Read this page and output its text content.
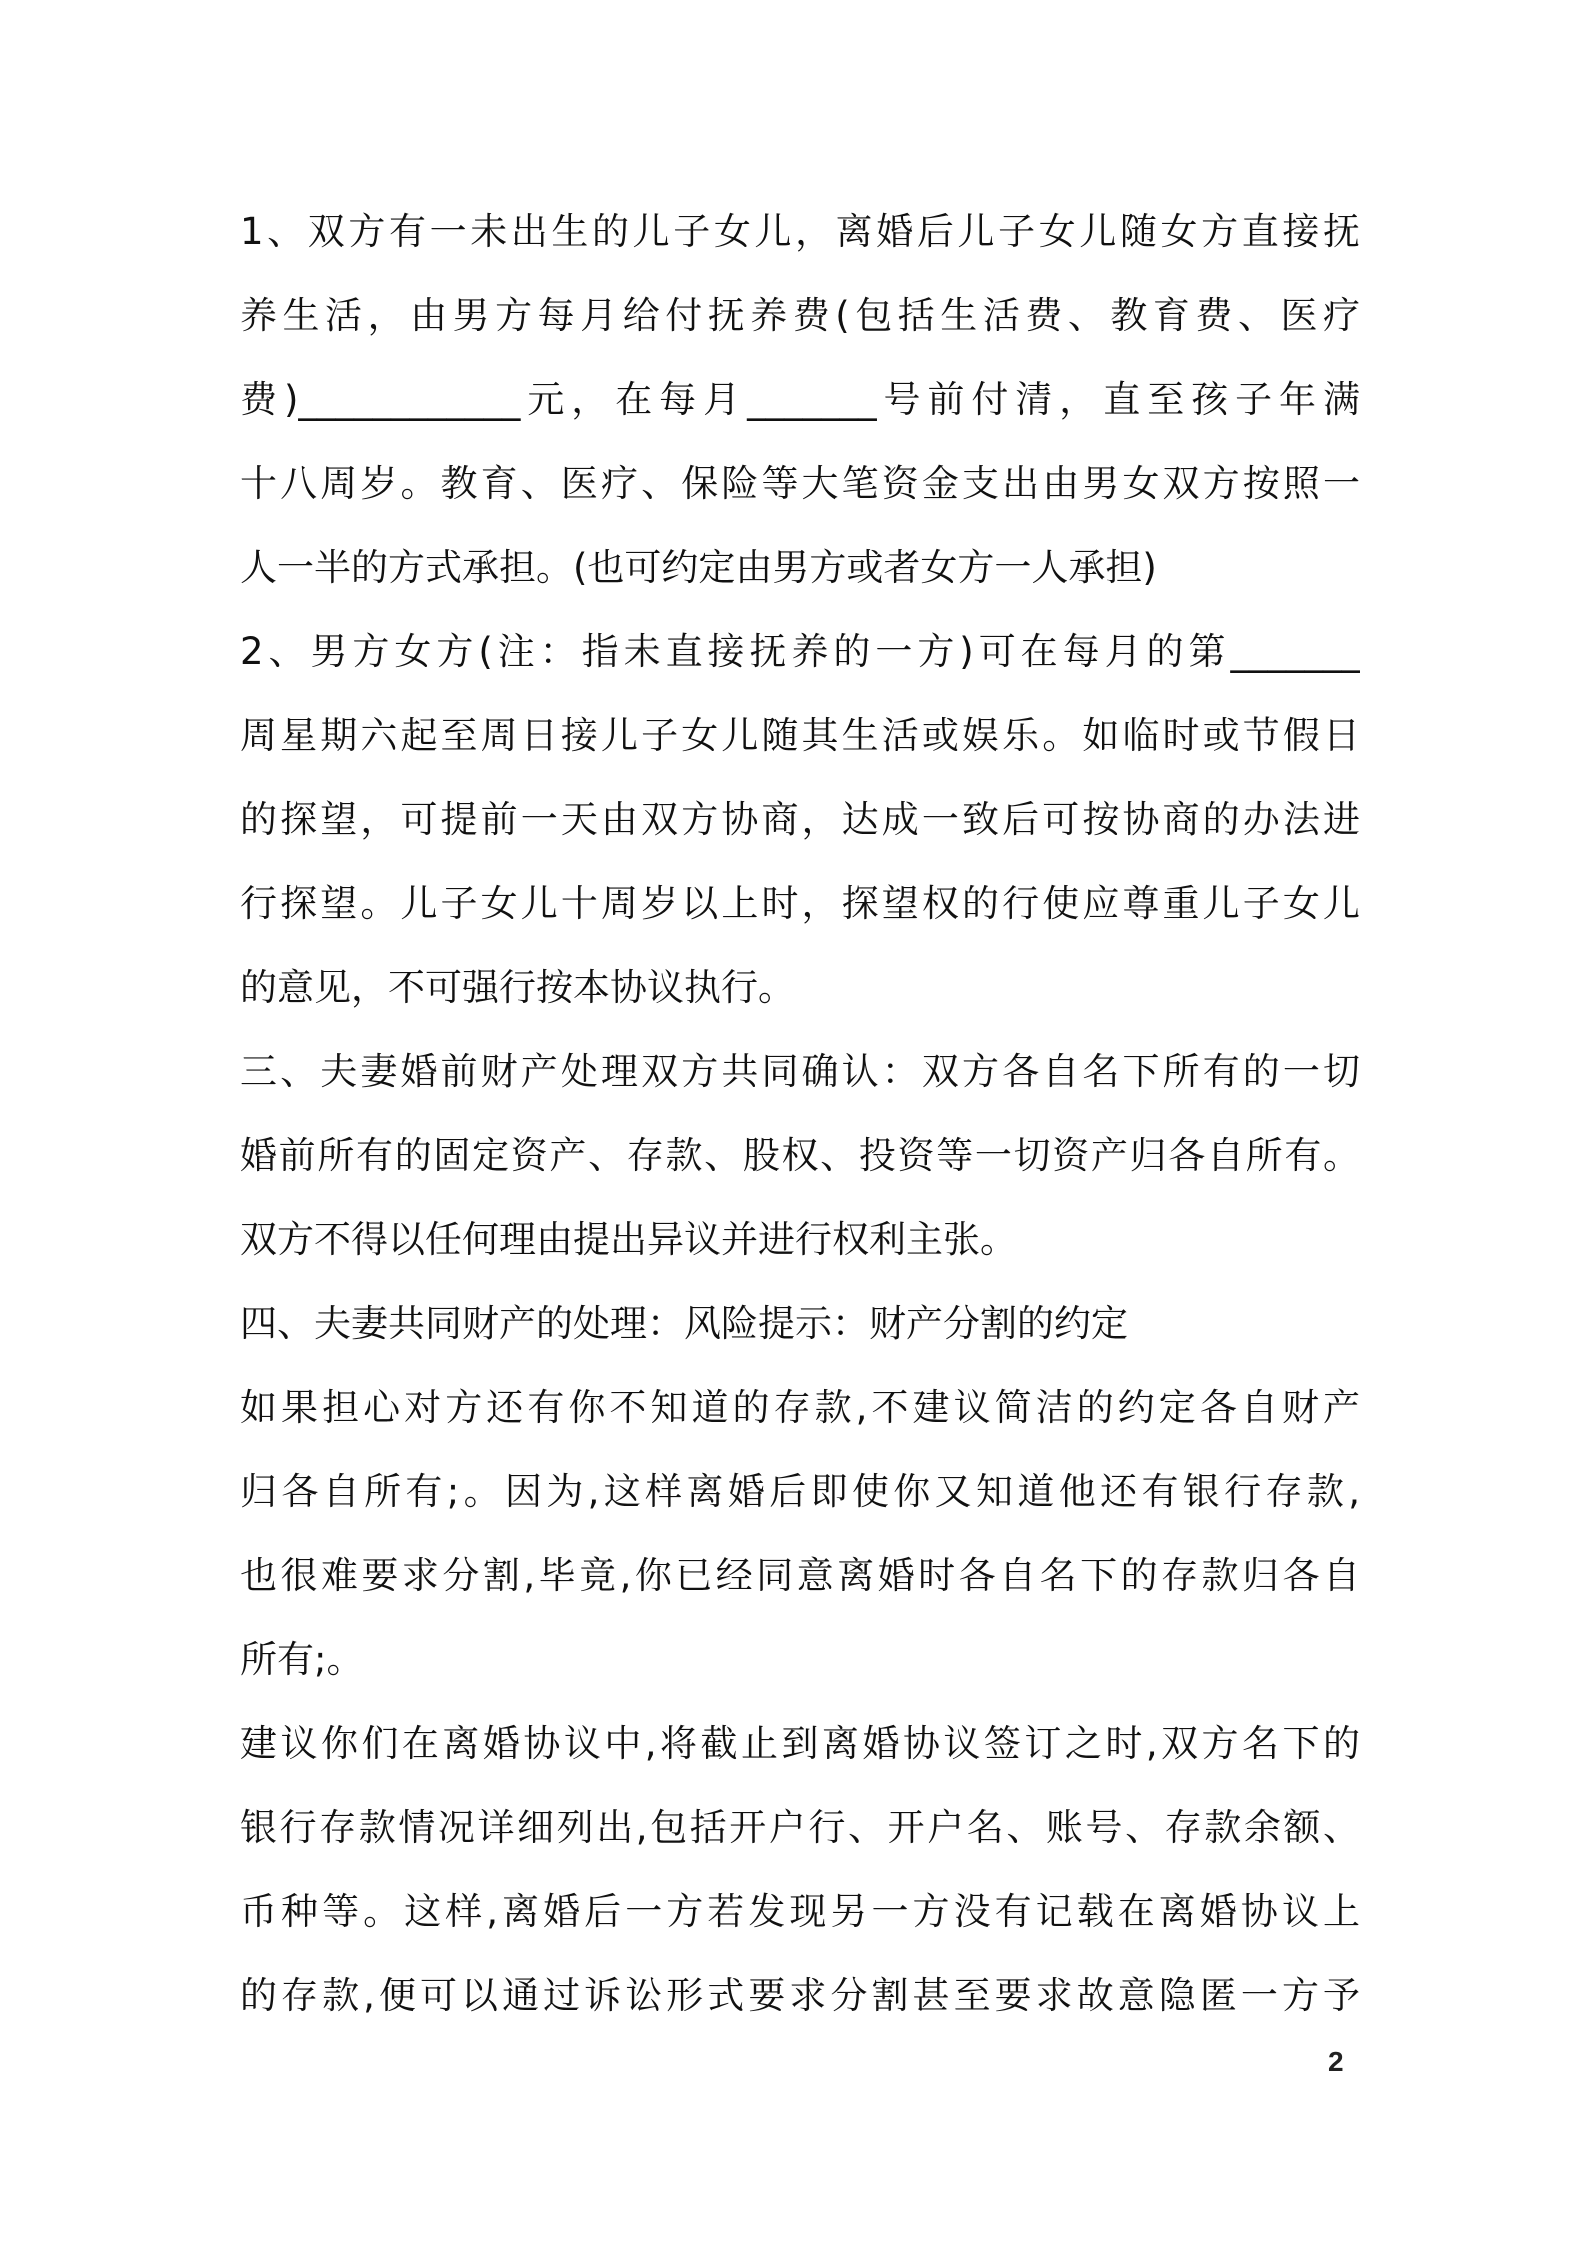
1、双方有一未出生的儿子女儿，离婚后儿子女儿随女方直接抚
养生活，由男方每月给付抚养费(包括生活费、教育费、医疗
费)____________元，在每月_______号前付清，直至孩子年满
十八周岁。教育、医疗、保险等大笔资金支出由男女双方按照一
人一半的方式承担。(也可约定由男方或者女方一人承担)
2、男方女方(注：指未直接抚养的一方)可在每月的第_______
周星期六起至周日接儿子女儿随其生活或娱乐。如临时或节假日
的探望，可提前一天由双方协商，达成一致后可按协商的办法进
行探望。儿子女儿十周岁以上时，探望权的行使应尊重儿子女儿
的意见，不可强行按本协议执行。
三、夫妻婚前财产处理双方共同确认：双方各自名下所有的一切
婚前所有的固定资产、存款、股权、投资等一切资产归各自所有。
双方不得以任何理由提出异议并进行权利主张。
四、夫妻共同财产的处理：风险提示：财产分割的约定
如果担心对方还有你不知道的存款,不建议简洁的约定各自财产
归各自所有;。因为,这样离婚后即使你又知道他还有银行存款,
也很难要求分割,毕竟,你已经同意离婚时各自名下的存款归各自
所有;。
建议你们在离婚协议中,将截止到离婚协议签订之时,双方名下的
银行存款情况详细列出,包括开户行、开户名、账号、存款余额、
币种等。这样,离婚后一方若发现另一方没有记载在离婚协议上
的存款,便可以通过诉讼形式要求分割甚至要求故意隐匿一方予
2
